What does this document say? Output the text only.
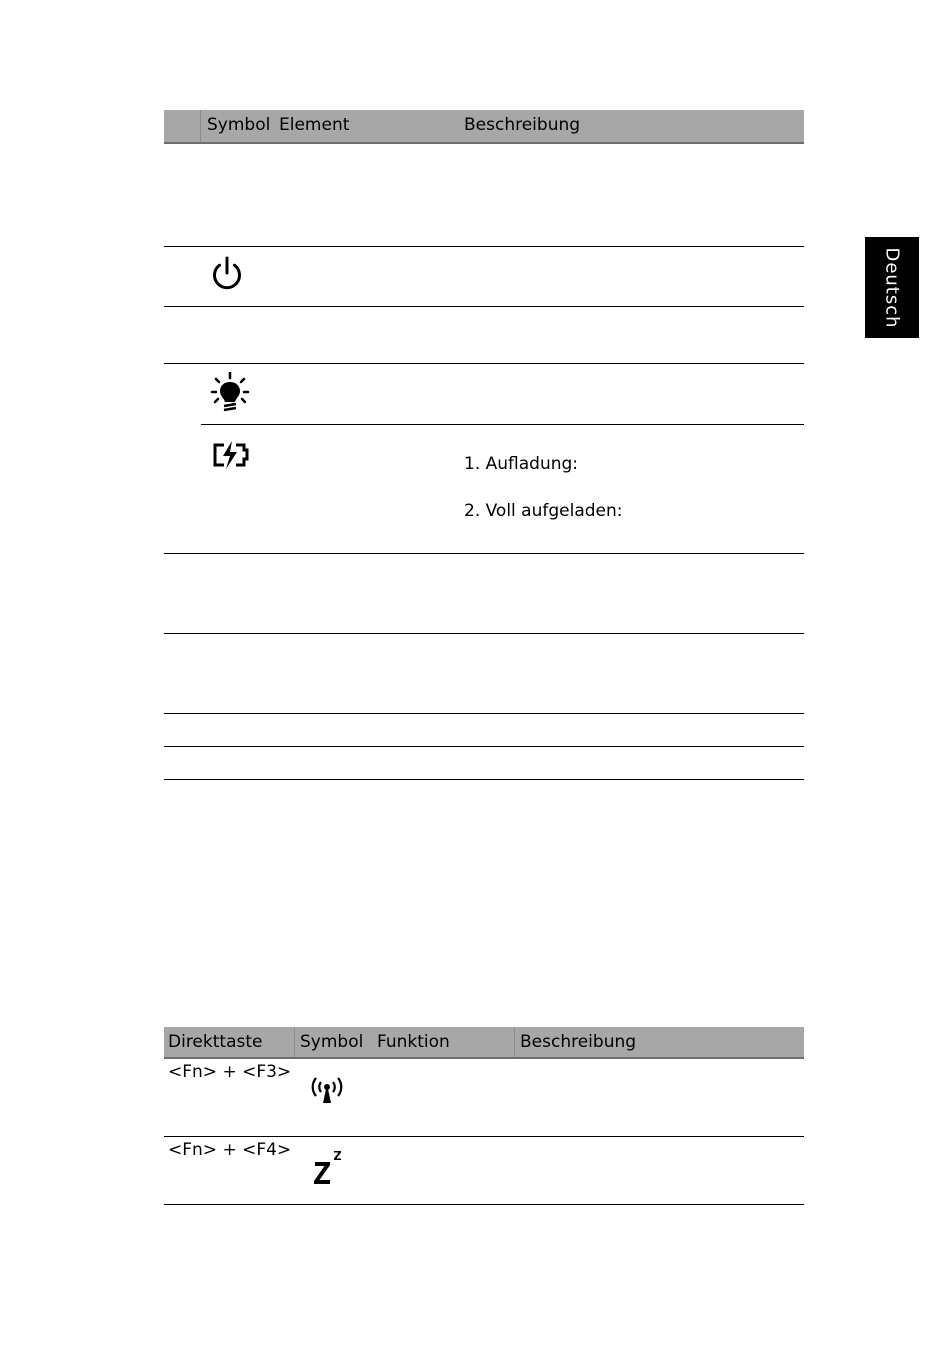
Deutsch
Symbol Element	Beschreibung
1. Aufladung:
2. Voll aufgeladen:
Direkttaste Symbol Funktion	Beschreibung
<Fn> + <F3>
<Fn> + <F4>
